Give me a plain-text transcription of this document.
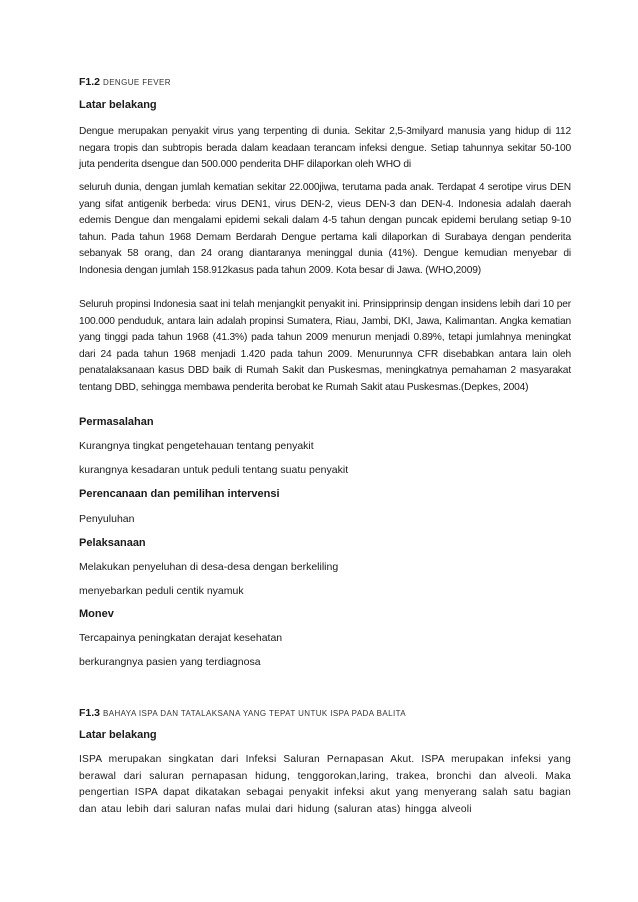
F1.2 DENGUE FEVER
Latar belakang

Dengue merupakan penyakit virus yang terpenting di dunia. Sekitar 2,5-3milyard manusia yang hidup di 112 negara tropis dan subtropis berada dalam keadaan terancam infeksi dengue. Setiap tahunnya sekitar 50-100 juta penderita dsengue dan 500.000 penderita DHF dilaporkan oleh WHO di

seluruh dunia, dengan jumlah kematian sekitar 22.000jiwa, terutama pada anak. Terdapat 4 serotipe virus DEN yang sifat antigenik berbeda: virus DEN1, virus DEN-2, vieus DEN-3 dan DEN-4. Indonesia adalah daerah edemis Dengue dan mengalami epidemi sekali dalam 4-5 tahun dengan puncak epidemi berulang setiap 9-10 tahun. Pada tahun 1968 Demam Berdarah Dengue pertama kali dilaporkan di Surabaya dengan penderita sebanyak 58 orang, dan 24 orang diantaranya meninggal dunia (41%). Dengue kemudian menyebar di Indonesia dengan jumlah 158.912kasus pada tahun 2009. Kota besar di Jawa. (WHO,2009)

Seluruh propinsi Indonesia saat ini telah menjangkit penyakit ini. Prinsipprinsip dengan insidens lebih dari 10 per 100.000 penduduk, antara lain adalah propinsi Sumatera, Riau, Jambi, DKI, Jawa, Kalimantan. Angka kematian yang tinggi pada tahun 1968 (41.3%) pada tahun 2009 menurun menjadi 0.89%, tetapi jumlahnya meningkat dari 24 pada tahun 1968 menjadi 1.420 pada tahun 2009. Menurunnya CFR disebabkan antara lain oleh penatalaksanaan kasus DBD baik di Rumah Sakit dan Puskesmas, meningkatnya pemahaman 2 masyarakat tentang DBD, sehingga membawa penderita berobat ke Rumah Sakit atau Puskesmas.(Depkes, 2004)

Permasalahan
Kurangnya tingkat pengetehauan tentang penyakit
kurangnya kesadaran untuk peduli tentang suatu penyakit
Perencanaan dan pemilihan intervensi
Penyuluhan
Pelaksanaan
Melakukan penyeluhan di desa-desa dengan berkeliling
menyebarkan peduli centik nyamuk
Monev
Tercapainya peningkatan derajat kesehatan
berkurangnya pasien yang terdiagnosa
F1.3 BAHAYA ISPA DAN TATALAKSANA YANG TEPAT UNTUK ISPA PADA BALITA
Latar belakang

ISPA merupakan singkatan dari Infeksi Saluran Pernapasan Akut. ISPA merupakan infeksi yang berawal dari saluran pernapasan hidung, tenggorokan,laring, trakea, bronchi dan alveoli. Maka pengertian ISPA dapat dikatakan sebagai penyakit infeksi akut yang menyerang salah satu bagian dan atau lebih dari saluran nafas mulai dari hidung (saluran atas) hingga alveoli
